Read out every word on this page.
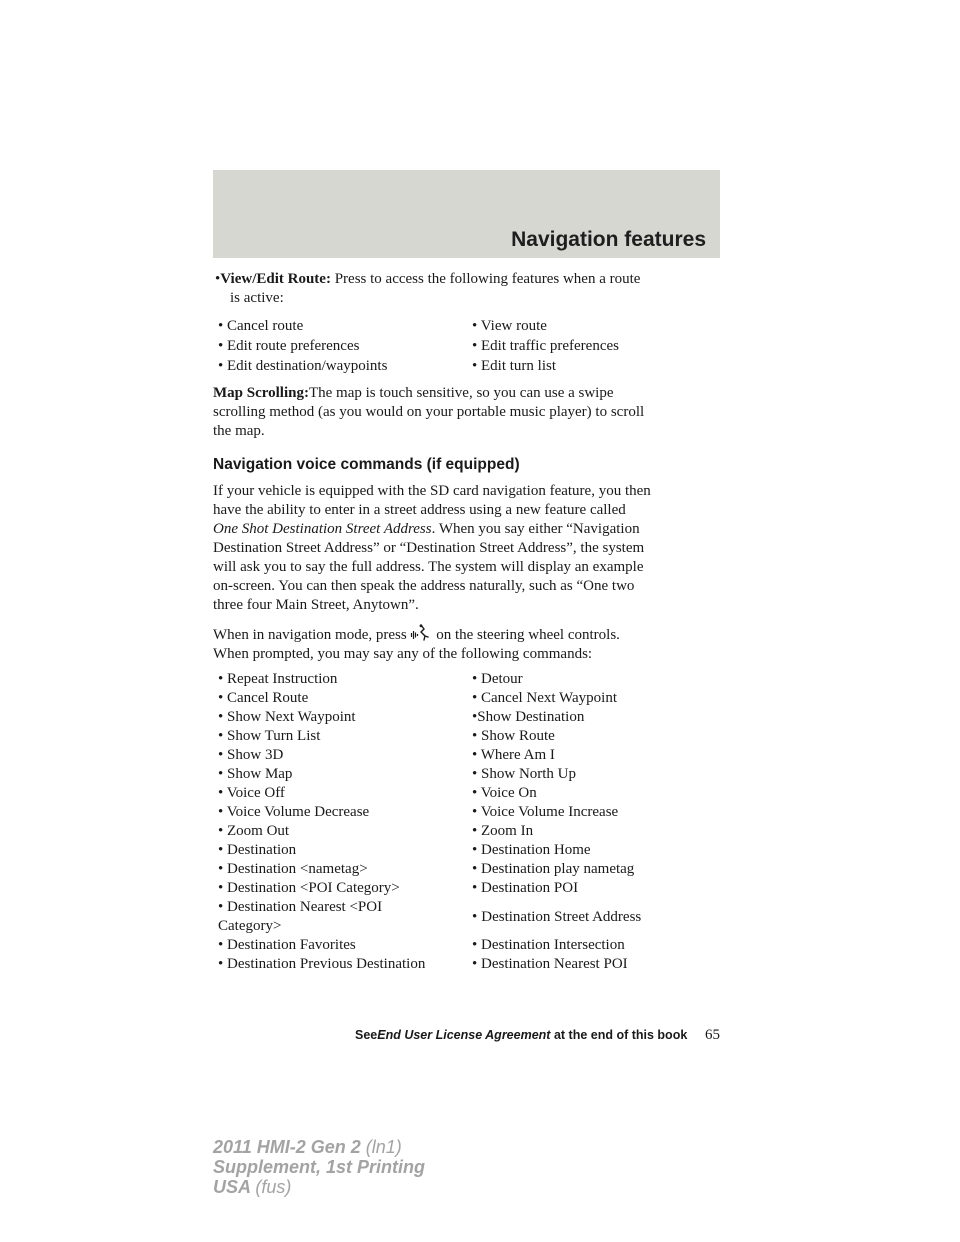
Navigation features
• View/Edit Route: Press to access the following features when a route
is active:
• Cancel route	• View route
• Edit route preferences	• Edit traffic preferences
• Edit destination/waypoints	• Edit turn list
Map Scrolling:The map is touch sensitive, so you can use a swipe
scrolling method (as you would on your portable music player) to scroll
the map.
Navigation voice commands (if equipped)
If your vehicle is equipped with the SD card navigation feature, you then
have the ability to enter in a street address using a new feature called
One Shot Destination Street Address. When you say either “Navigation
Destination Street Address” or “Destination Street Address”, the system
will ask you to say the full address. The system will display an example
on-screen. You can then speak the address naturally, such as “One two
three four Main Street, Anytown”.
When in navigation mode, press on the steering wheel controls.
When prompted, you may say any of the following commands:
• Repeat Instruction	• Detour
• Cancel Route	• Cancel Next Waypoint
• Show Next Waypoint	•Show Destination
• Show Turn List	• Show Route
• Show 3D	• Where Am I
• Show Map	• Show North Up
• Voice Off	• Voice On
• Voice Volume Decrease	• Voice Volume Increase
• Zoom Out	• Zoom In
• Destination	• Destination Home
• Destination <nametag>	• Destination play nametag
• Destination <POI Category>	• Destination POI
• Destination Nearest <POI
Category>
• Destination Street Address
• Destination Favorites	• Destination Intersection
• Destination Previous Destination	• Destination Nearest POI
SeeEnd User License Agreement at the end of this book 65
2011 HMI-2 Gen 2 (ln1)
Supplement, 1st Printing
USA (fus)
